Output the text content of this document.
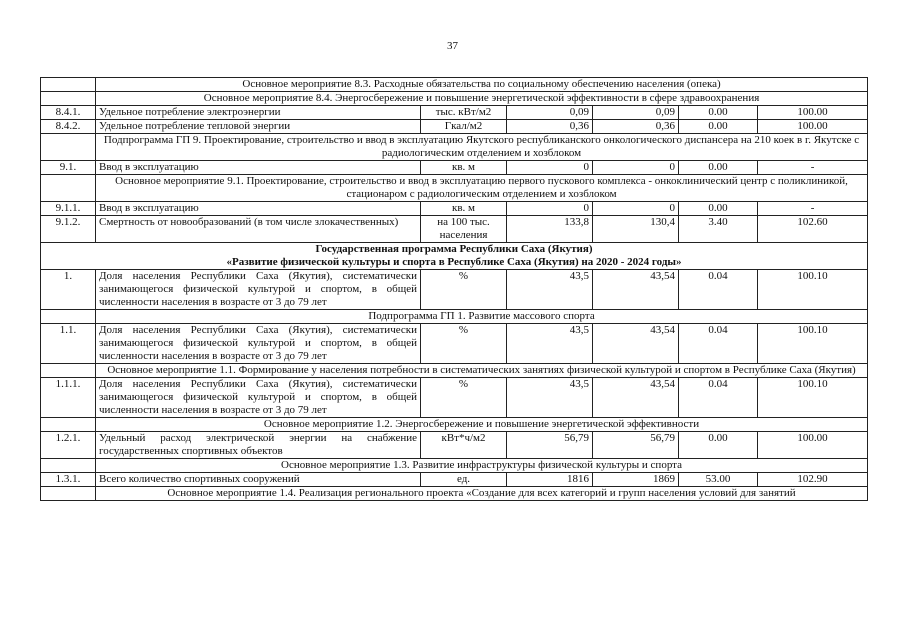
37
	Основное мероприятие 8.3. Расходные обязательства по социальному обеспечению населения (опека)					
	Основное мероприятие 8.4. Энергосбережение и повышение энергетической эффективности в сфере здравоохранения					
8.4.1.	Удельное потребление электроэнергии	тыс. кВт/м2	0,09	0,09	0.00	100.00
8.4.2.	Удельное потребление тепловой энергии	Гкал/м2	0,36	0,36	0.00	100.00
	Подпрограмма ГП 9. Проектирование, строительство и ввод в эксплуатацию Якутского республиканского онкологического диспансера на 210 коек в г. Якутске с радиологическим отделением и хозблоком					
9.1.	Ввод в эксплуатацию	кв. м	0	0	0.00	-
	Основное мероприятие 9.1. Проектирование, строительство и ввод в эксплуатацию первого пускового комплекса - онкоклинический центр с поликлиникой, стационаром с радиологическим отделением и хозблоком					
9.1.1.	Ввод в эксплуатацию	кв. м	0	0	0.00	-
9.1.2.	Смертность от новообразований (в том числе злокачественных)	на 100 тыс. населения	133,8	130,4	3.40	102.60

Государственная программа Республики Саха (Якутия)
«Развитие физической культуры и спорта в Республике Саха (Якутия) на 2020 - 2024 годы»						

1.	Доля населения Республики Саха (Якутия), систематически занимающегося физической культурой и спортом, в общей численности населения в возрасте от 3 до 79 лет	%	43,5	43,54	0.04	100.10
	Подпрограмма ГП 1. Развитие массового спорта					
1.1.	Доля населения Республики Саха (Якутия), систематически занимающегося физической культурой и спортом, в общей численности населения в возрасте от 3 до 79 лет	%	43,5	43,54	0.04	100.10
	Основное мероприятие 1.1. Формирование у населения потребности в систематических занятиях физической культурой и спортом в Республике Саха (Якутия)					
1.1.1.	Доля населения Республики Саха (Якутия), систематически занимающегося физической культурой и спортом, в общей численности населения в возрасте от 3 до 79 лет	%	43,5	43,54	0.04	100.10
	Основное мероприятие 1.2. Энергосбережение и повышение энергетической эффективности					
1.2.1.	Удельный расход электрической энергии на снабжение государственных спортивных объектов	кВт*ч/м2	56,79	56,79	0.00	100.00
	Основное мероприятие 1.3. Развитие инфраструктуры физической культуры и спорта					
1.3.1.	Всего количество спортивных сооружений	ед.	1816	1869	53.00	102.90

	Основное мероприятие 1.4. Реализация регионального проекта «Создание для всех категорий и групп населения условий для занятий					
